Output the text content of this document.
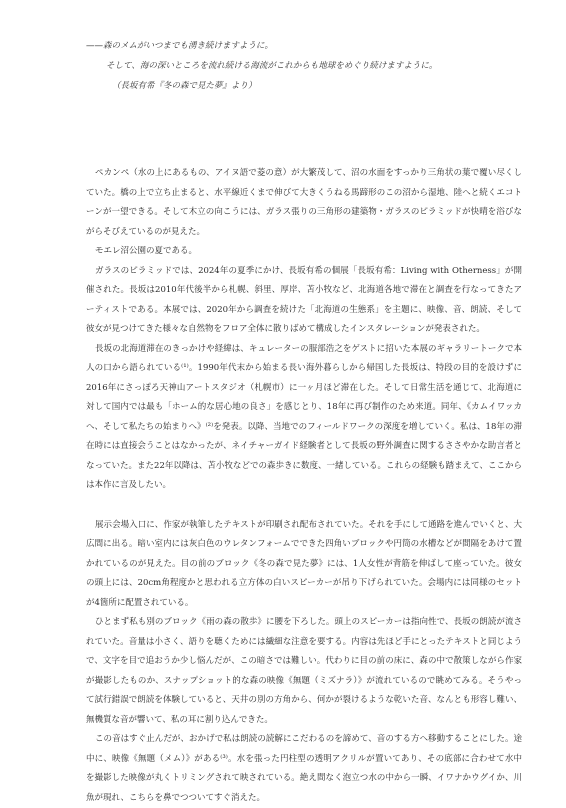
——森のメムがいつまでも湧き続けますように。

そして、海の深いところを流れ続ける海流がこれからも地球をめぐり続けますように。

（長坂有希『冬の森で見た夢』より）

ペカンペ（水の上にあるもの、アイヌ語で菱の意）が大繁茂して、沼の水面をすっかり三角状の葉で覆い尽くしていた。橋の上で立ち止まると、水平線近くまで伸びて大きくうねる馬蹄形のこの沼から湿地、陸へと続くエコトーンが一望できる。そして木立の向こうには、ガラス張りの三角形の建築物・ガラスのピラミッドが快晴を浴びながらそびえているのが見えた。

モエレ沼公園の夏である。

ガラスのピラミッドでは、2024年の夏季にかけ、長坂有希の個展「長坂有希：Living with Otherness」が開催された。長坂は2010年代後半から札幌、斜里、厚岸、苫小牧など、北海道各地で滞在と調査を行なってきたアーティストである。本展では、2020年から調査を続けた「北海道の生態系」を主題に、映像、音、朗読、そして彼女が見つけてきた様々な自然物をフロア全体に散りばめて構成したインスタレーションが発表された。

長坂の北海道滞在のきっかけや経緯は、キュレーターの服部浩之をゲストに招いた本展のギャラリートークで本人の口から語られている⁽¹⁾。1990年代末から始まる長い海外暮らしから帰国した長坂は、特段の目的を設けずに2016年にさっぽろ天神山アートスタジオ（札幌市）に一ヶ月ほど滞在した。そして日常生活を通じて、北海道に対して国内では最も「ホーム的な居心地の良さ」を感じとり、18年に再び制作のため来道。同年、《カムイワッカへ、そして私たちの始まりへ》⁽²⁾を発表。以降、当地でのフィールドワークの深度を増していく。私は、18年の滞在時には直接会うことはなかったが、ネイチャーガイド経験者として長坂の野外調査に関するささやかな助言者となっていた。また22年以降は、苫小牧などでの森歩きに数度、一緒している。これらの経験も踏まえて、ここからは本作に言及したい。

展示会場入口に、作家が執筆したテキストが印刷され配布されていた。それを手にして通路を進んでいくと、大広間に出る。暗い室内には灰白色のウレタンフォームでできた四角いブロックや円筒の水槽などが間隔をあけて置かれているのが見えた。目の前のブロック《冬の森で見た夢》には、1人女性が背筋を伸ばして座っていた。彼女の頭上には、20cm角程度かと思われる立方体の白いスピーカーが吊り下げられていた。会場内には同様のセットが4箇所に配置されている。

ひとまず私も別のブロック《雨の森の散歩》に腰を下ろした。頭上のスピーカーは指向性で、長坂の朗読が流されていた。音量は小さく、語りを聴くためには繊細な注意を要する。内容は先ほど手にとったテキストと同じようで、文字を目で追おうか少し悩んだが、この暗さでは難しい。代わりに目の前の床に、森の中で散策しながら作家が撮影したものか、スナップショット的な森の映像《無題（ミズナラ）》が流れているので眺めてみる。そうやって試行錯誤で朗読を体験していると、天井の別の方角から、何かが裂けるような乾いた音、なんとも形容し難い、無機質な音が響いて、私の耳に割り込んできた。

この音はすぐ止んだが、おかげで私は朗読の読解にこだわるのを諦めて、音のする方へ移動することにした。途中に、映像《無題（メム）》がある⁽³⁾。水を張った円柱型の透明アクリルが置いてあり、その底部に合わせて水中を撮影した映像が丸くトリミングされて映されている。絶え間なく泡立つ水の中から一瞬、イワナかウグイか、川魚が現れ、こちらを鼻でつついてすぐ消えた。
